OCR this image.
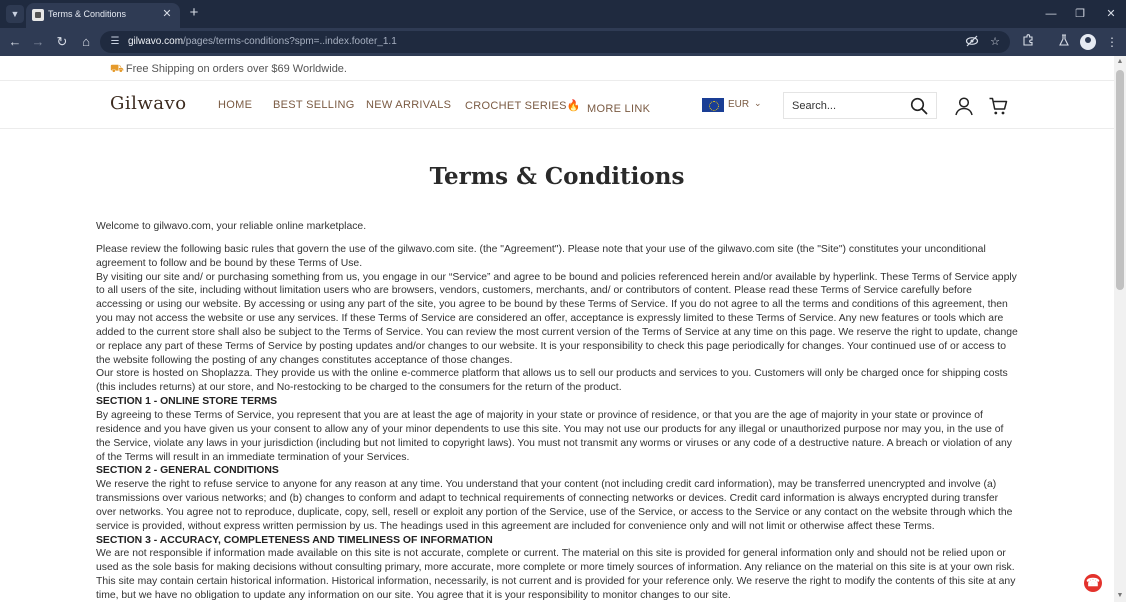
▼	Terms & Conditions	✕ +	—	❐	✕
← → ↻	⌂	☰ gilwavo.com/pages/terms-conditions?spm=..index.footer_1.1	☆	⋮
⛟ Free Shipping on orders over $69 Worldwide.
Gilwavo	HOME BEST SELLING NEW ARRIVALS CROCHET SERIES🔥 MORE LINK	EUR ⌄
Search...
Terms & Conditions

Welcome to gilwavo.com, your reliable online marketplace.

Please review the following basic rules that govern the use of the gilwavo.com site. (the "Agreement"). Please note that your use of the gilwavo.com site (the "Site") constitutes your unconditional agreement to follow and be bound by these Terms of Use.

By visiting our site and/ or purchasing something from us, you engage in our “Service” and agree to be bound and policies referenced herein and/or available by hyperlink. These Terms of Service apply to all users of the site, including without limitation users who are browsers, vendors, customers, merchants, and/ or contributors of content. Please read these Terms of Service carefully before accessing or using our website. By accessing or using any part of the site, you agree to be bound by these Terms of Service. If you do not agree to all the terms and conditions of this agreement, then you may not access the website or use any services. If these Terms of Service are considered an offer, acceptance is expressly limited to these Terms of Service. Any new features or tools which are added to the current store shall also be subject to the Terms of Service. You can review the most current version of the Terms of Service at any time on this page. We reserve the right to update, change or replace any part of these Terms of Service by posting updates and/or changes to our website. It is your responsibility to check this page periodically for changes. Your continued use of or access to the website following the posting of any changes constitutes acceptance of those changes.

Our store is hosted on Shoplazza. They provide us with the online e-commerce platform that allows us to sell our products and services to you. Customers will only be charged once for shipping costs (this includes returns) at our store, and No-restocking to be charged to the consumers for the return of the product.

SECTION 1 - ONLINE STORE TERMS

By agreeing to these Terms of Service, you represent that you are at least the age of majority in your state or province of residence, or that you are the age of majority in your state or province of residence and you have given us your consent to allow any of your minor dependents to use this site. You may not use our products for any illegal or unauthorized purpose nor may you, in the use of the Service, violate any laws in your jurisdiction (including but not limited to copyright laws). You must not transmit any worms or viruses or any code of a destructive nature. A breach or violation of any of the Terms will result in an immediate termination of your Services.

SECTION 2 - GENERAL CONDITIONS

We reserve the right to refuse service to anyone for any reason at any time. You understand that your content (not including credit card information), may be transferred unencrypted and involve (a) transmissions over various networks; and (b) changes to conform and adapt to technical requirements of connecting networks or devices. Credit card information is always encrypted during transfer over networks. You agree not to reproduce, duplicate, copy, sell, resell or exploit any portion of the Service, use of the Service, or access to the Service or any contact on the website through which the service is provided, without express written permission by us. The headings used in this agreement are included for convenience only and will not limit or otherwise affect these Terms.

SECTION 3 - ACCURACY, COMPLETENESS AND TIMELINESS OF INFORMATION

We are not responsible if information made available on this site is not accurate, complete or current. The material on this site is provided for general information only and should not be relied upon or used as the sole basis for making decisions without consulting primary, more accurate, more complete or more timely sources of information. Any reliance on the material on this site is at your own risk. This site may contain certain historical information. Historical information, necessarily, is not current and is provided for your reference only. We reserve the right to modify the contents of this site at any time, but we have no obligation to update any information on our site. You agree that it is your responsibility to monitor changes to our site.

☎
▲
▼
